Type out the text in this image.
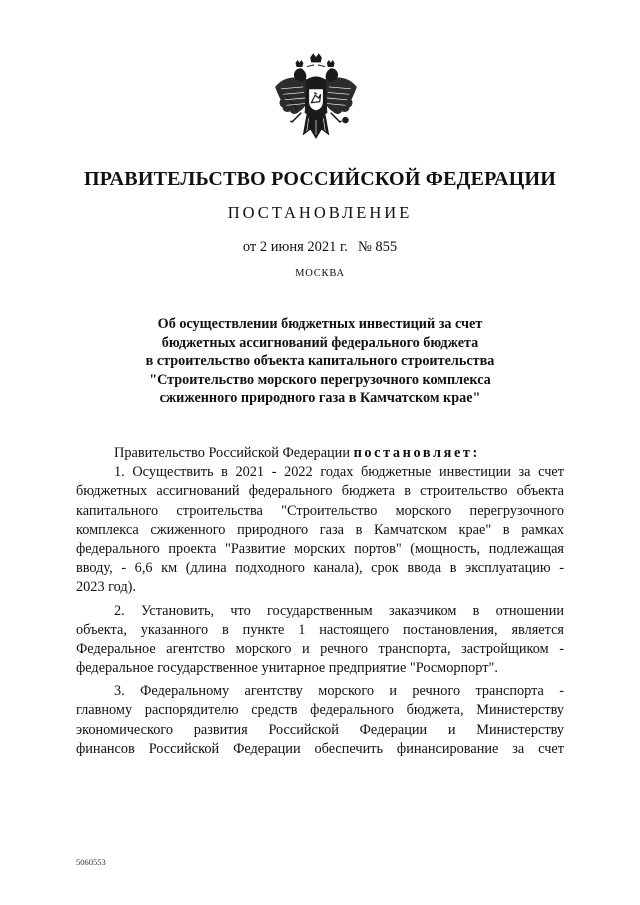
ПРАВИТЕЛЬСТВО РОССИЙСКОЙ ФЕДЕРАЦИИ
ПОСТАНОВЛЕНИЕ
от 2 июня 2021 г. № 855
МОСКВА
Об осуществлении бюджетных инвестиций за счет
бюджетных ассигнований федерального бюджета
в строительство объекта капитального строительства
"Строительство морского перегрузочного комплекса
сжиженного природного газа в Камчатском крае"
Правительство Российской Федерации постановляет:
1. Осуществить в 2021 - 2022 годах бюджетные инвестиции за счет
бюджетных ассигнований федерального бюджета в строительство объекта
капитального строительства "Строительство морского перегрузочного
комплекса сжиженного природного газа в Камчатском крае" в рамках
федерального проекта "Развитие морских портов" (мощность, подлежащая
вводу, - 6,6 км (длина подходного канала), срок ввода в эксплуатацию -
2023 год).
2. Установить, что государственным заказчиком в отношении
объекта, указанного в пункте 1 настоящего постановления, является
Федеральное агентство морского и речного транспорта, застройщиком -
федеральное государственное унитарное предприятие "Росморпорт".
3. Федеральному агентству морского и речного транспорта -
главному распорядителю средств федерального бюджета, Министерству
экономического развития Российской Федерации и Министерству
финансов Российской Федерации обеспечить финансирование за счет
5060553
